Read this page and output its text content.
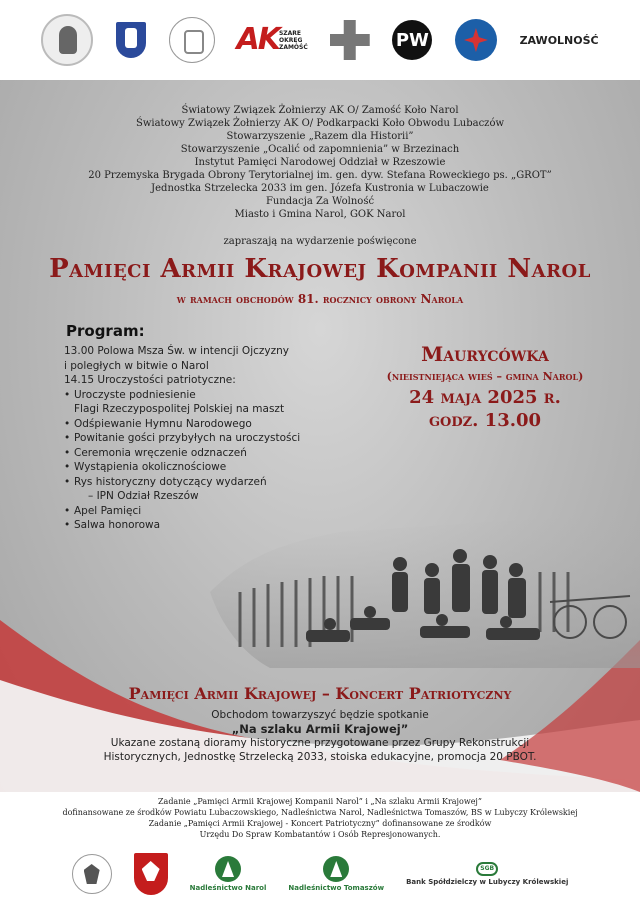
AK SZARE OKRĘG ZAMOŚĆ	PW	ZAWOLNOŚĆ
Światowy Związek Żołnierzy AK O/ Zamość Koło Narol
Światowy Związek Żołnierzy AK O/ Podkarpacki Koło Obwodu Lubaczów
Stowarzyszenie „Razem dla Historii”
Stowarzyszenie „Ocalić od zapomnienia” w Brzezinach
Instytut Pamięci Narodowej Oddział w Rzeszowie
20 Przemyska Brygada Obrony Terytorialnej im. gen. dyw. Stefana Roweckiego ps. „GROT”
Jednostka Strzelecka 2033 im gen. Józefa Kustronia w Lubaczowie
Fundacja Za Wolność
Miasto i Gmina Narol, GOK Narol
zapraszają na wydarzenie poświęcone
Pamięci Armii Krajowej Kompanii Narol
w ramach obchodów 81. rocznicy obrony Narola
Program:
13.00 Polowa Msza Św. w intencji Ojczyzny
i poległych w bitwie o Narol
14.15 Uroczystości patriotyczne:
• Uroczyste podniesienie
Flagi Rzeczypospolitej Polskiej na maszt
• Odśpiewanie Hymnu Narodowego
• Powitanie gości przybyłych na uroczystości
• Ceremonia wręczenie odznaczeń
• Wystąpienia okolicznościowe
• Rys historyczny dotyczący wydarzeń
– IPN Odział Rzeszów
• Apel Pamięci
• Salwa honorowa
Maurycówka
(nieistniejąca wieś – gmina Narol)
24 maja 2025 r.
godz. 13.00
Pamięci Armii Krajowej – Koncert Patriotyczny
Obchodom towarzyszyć będzie spotkanie
„Na szlaku Armii Krajowej”
Ukazane zostaną dioramy historyczne przygotowane przez Grupy Rekonstrukcji
Historycznych, Jednostkę Strzelecką 2033, stoiska edukacyjne, promocja 20 PBOT.
Zadanie „Pamięci Armii Krajowej Kompanii Narol” i „Na szlaku Armii Krajowej”
dofinansowane ze środków Powiatu Lubaczowskiego, Nadleśnictwa Narol, Nadleśnictwa Tomaszów, BS w Lubyczy Królewskiej
Zadanie „Pamięci Armii Krajowej - Koncert Patriotyczny” dofinansowane ze środków
Urzędu Do Spraw Kombatantów i Osób Represjonowanych.
Nadleśnictwo Narol	Nadleśnictwo Tomaszów
SGB
Bank Spółdzielczy w Lubyczy Królewskiej
